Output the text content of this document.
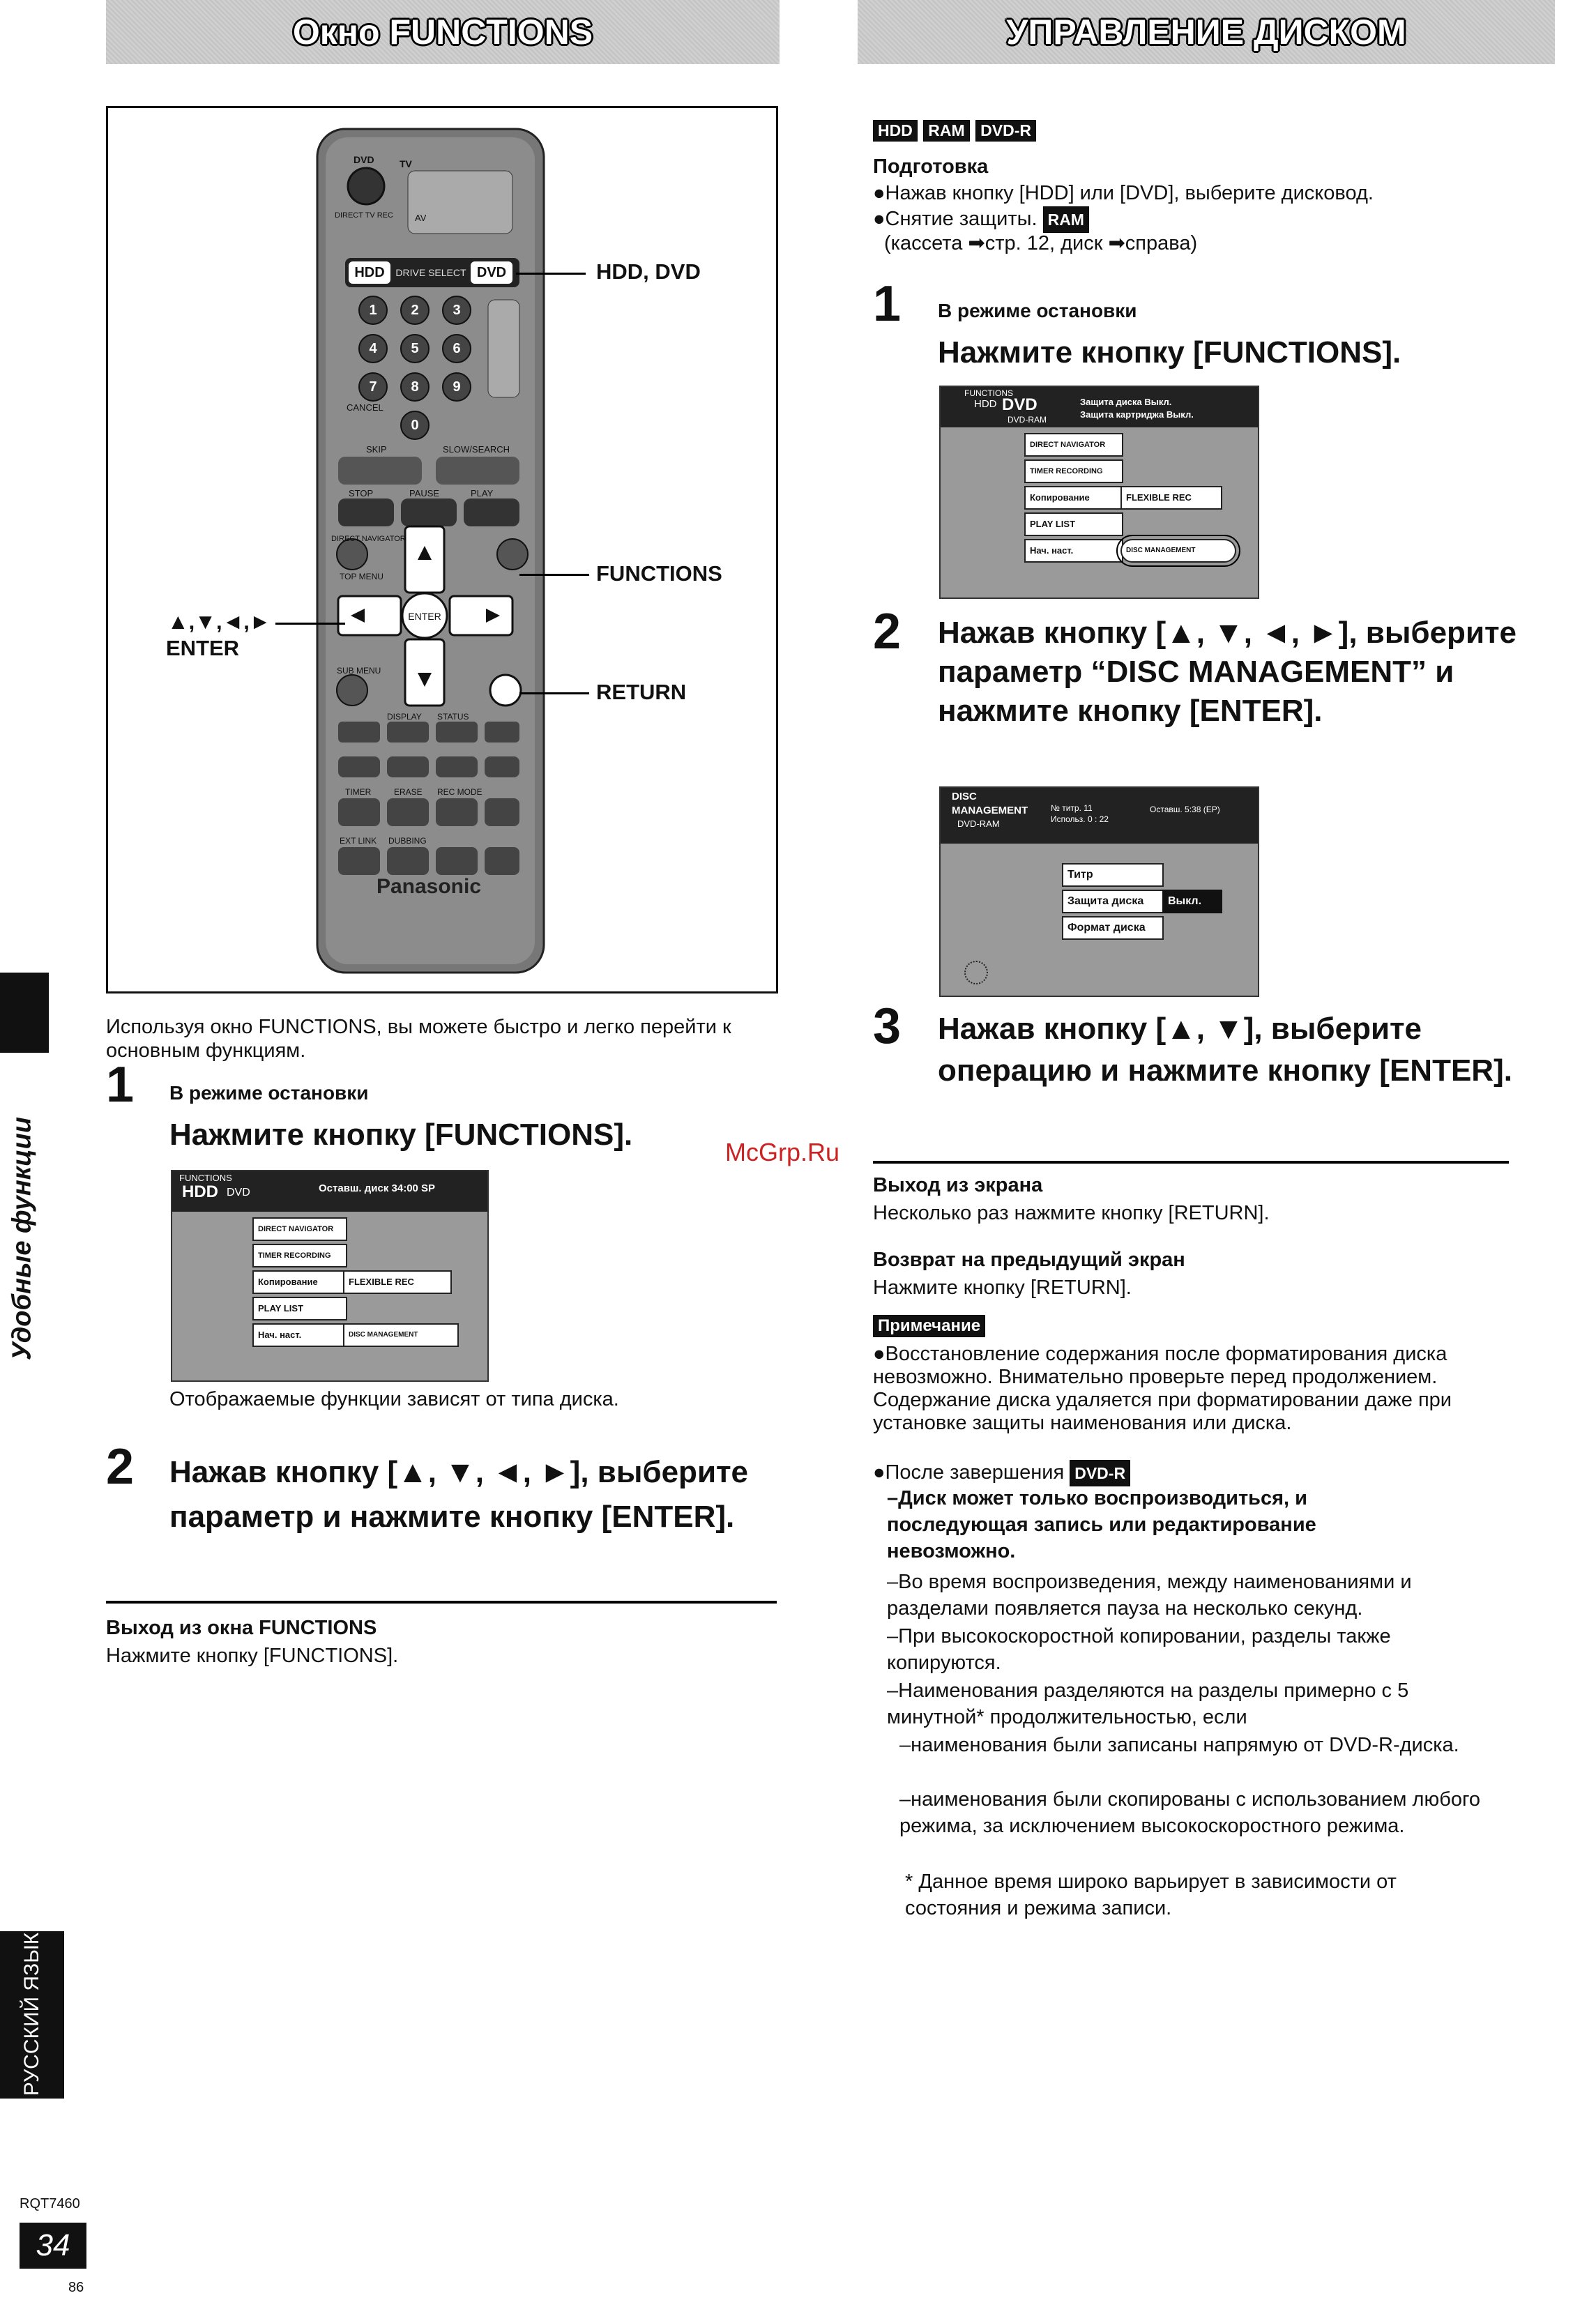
Окно FUNCTIONS	УПРАВЛЕНИЕ ДИСКОМ
Удобные функции
РУССКИЙ ЯЗЫК
HDD	DRIVE SELECT DVD
DVD	TV
DIRECT TV REC AV
1 2 3
4 5 6
7 8 9
0
CANCEL
SKIP	SLOW/SEARCH
STOP	PAUSE	PLAY
DIRECT NAVIGATOR
TOP MENU
ENTER
SUB MENU
DISPLAY STATUS
TIMER	ERASE REC MODE
EXT LINK DUBBING
Panasonic
HDD, DVD
FUNCTIONS
▲,▼,◄,►
ENTER
RETURN
Используя окно FUNCTIONS, вы можете быстро и легко перейти к основным функциям.
1 В режиме остановки
Нажмите кнопку [FUNCTIONS].
FUNCTIONS
HDD DVD	Оставш. диск 34:00 SP
DIRECT NAVIGATOR
TIMER RECORDING
Копирование
PLAY LIST
Нач. наст.
FLEXIBLE REC
DISC MANAGEMENT
Отображаемые функции зависят от типа диска.
2 Нажав кнопку [▲, ▼, ◄, ►], выберите параметр и нажмите кнопку [ENTER].
Выход из окна FUNCTIONS
Нажмите кнопку [FUNCTIONS].
HDD RAM DVD-R
Подготовка
●Нажав кнопку [HDD] или [DVD], выберите дисковод.
●Снятие защиты. RAM
(кассета ➡стр. 12, диск ➡справа)
1 В режиме остановки
Нажмите кнопку [FUNCTIONS].
FUNCTIONS
HDD DVD
DVD-RAM
Защита диска Выкл.
Защита картриджа Выкл.
DIRECT NAVIGATOR
TIMER RECORDING
Копирование
PLAY LIST
Нач. наст.
FLEXIBLE REC
DISC MANAGEMENT
2 Нажав кнопку [▲, ▼, ◄, ►], выберите параметр “DISC MANAGEMENT” и нажмите кнопку [ENTER].
DISC
MANAGEMENT
DVD-RAM
№ титр. 11
Использ. 0 : 22
Оставш. 5:38 (EP)
Титр
Защита диска	Выкл.
Формат диска
3 Нажав кнопку [▲, ▼], выберите операцию и нажмите кнопку [ENTER].
McGrp.Ru
Выход из экрана
Несколько раз нажмите кнопку [RETURN].
Возврат на предыдущий экран
Нажмите кнопку [RETURN].
Примечание
●Восстановление содержания после форматирования диска невозможно. Внимательно проверьте перед продолжением. Содержание диска удаляется при форматировании даже при установке защиты наименования или диска.
●После завершения DVD-R
–Диск может только воспроизводиться, и последующая запись или редактирование невозможно.
–Во время воспроизведения, между наименованиями и разделами появляется пауза на несколько секунд.
–При высокоскоростной копировании, разделы также копируются.
–Наименования разделяются на разделы примерно с 5 минутной* продолжительностью, если
–наименования были записаны напрямую от DVD-R-диска.
–наименования были скопированы с использованием любого режима, за исключением высокоскоростного режима.
* Данное время широко варьирует в зависимости от состояния и режима записи.
RQT7460
34
86
